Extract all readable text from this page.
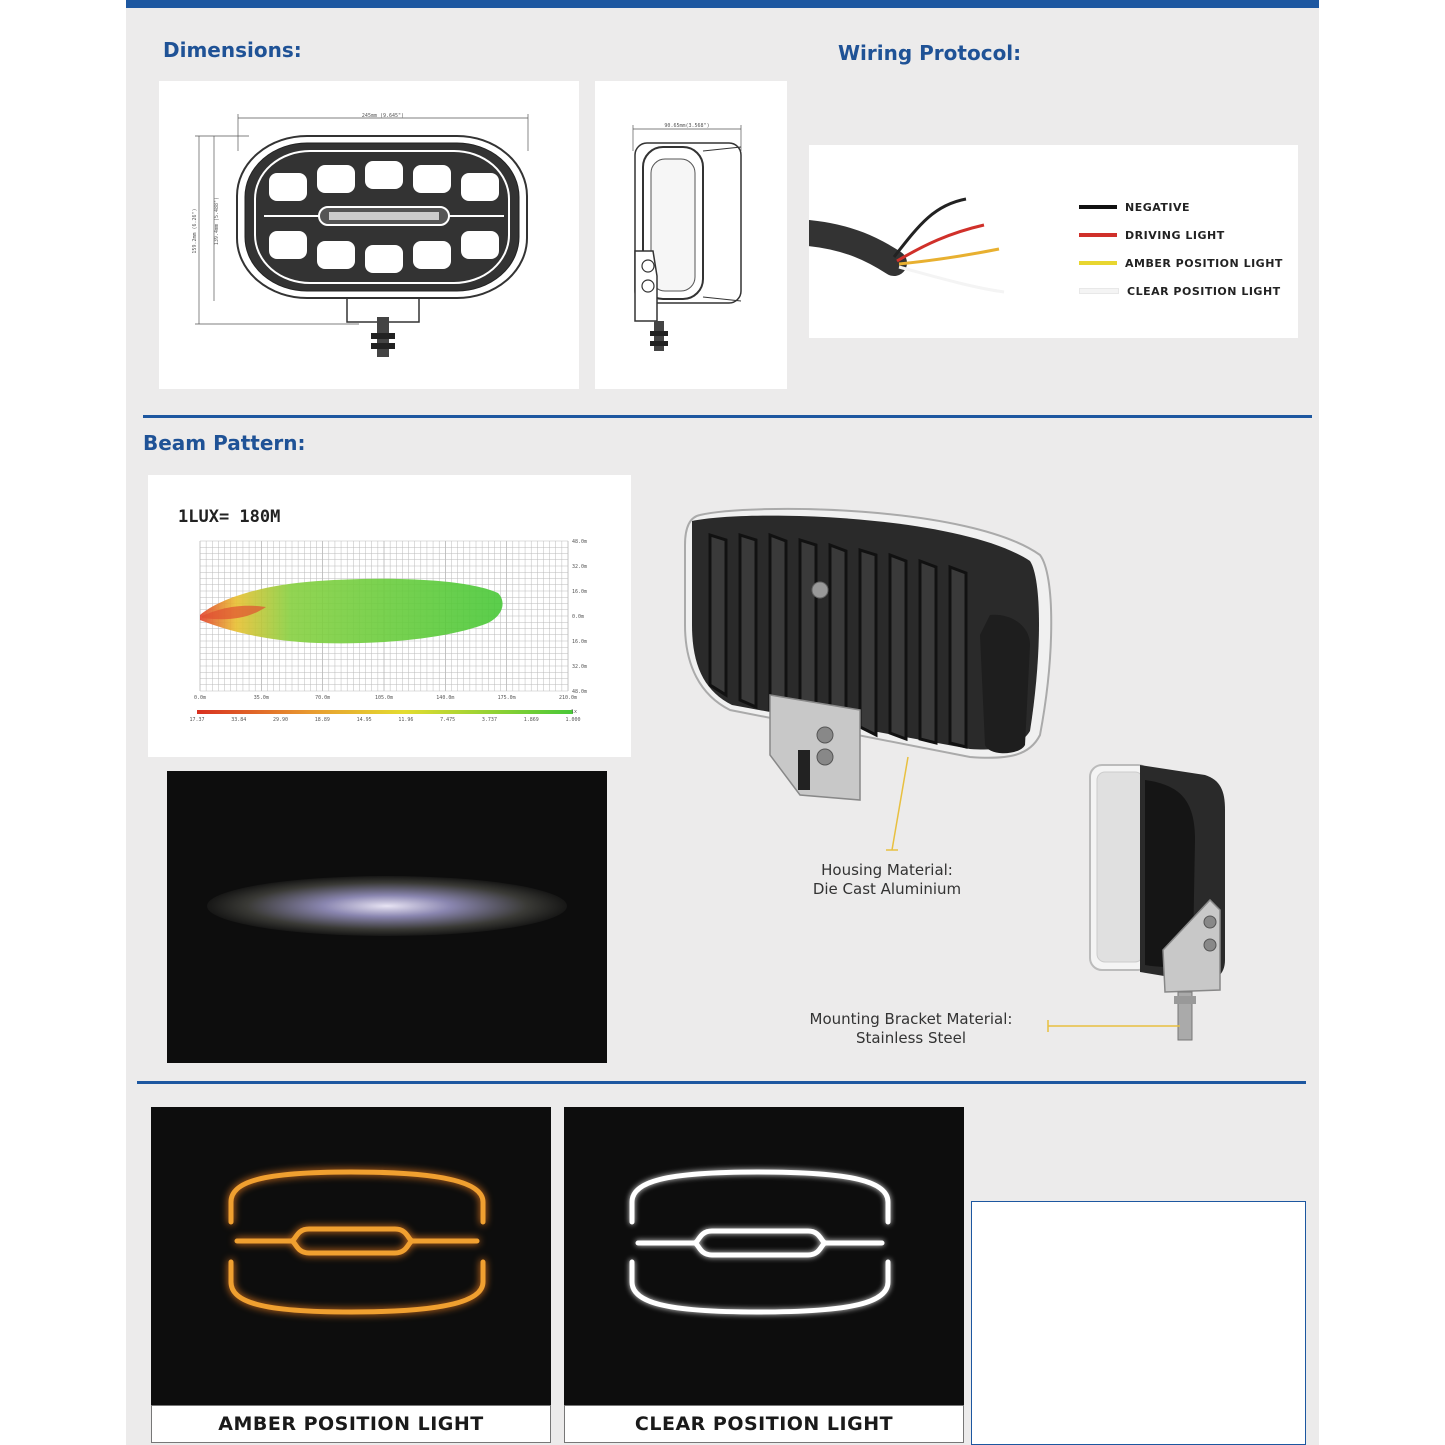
Dimensions:	Wiring Protocol:
Beam Pattern:
245mm (9.645")
159.2mm (6.26")	139.4mm (5.488")
90.65mm(3.568")
NEGATIVE
DRIVING LIGHT
AMBER POSITION LIGHT
CLEAR POSITION LIGHT
1LUX= 180M
0.0m	35.0m	70.0m	105.0m	140.0m	175.0m	210.0m
48.0m
32.0m
16.0m
0.0m
16.0m
32.0m
48.0m
17.37	33.84	29.90	18.89	14.95	11.96	7.475	3.737	1.869	1.000
lx
Housing Material:
Die Cast Aluminium
Mounting Bracket Material:
Stainless Steel
AMBER POSITION LIGHT	CLEAR POSITION LIGHT
